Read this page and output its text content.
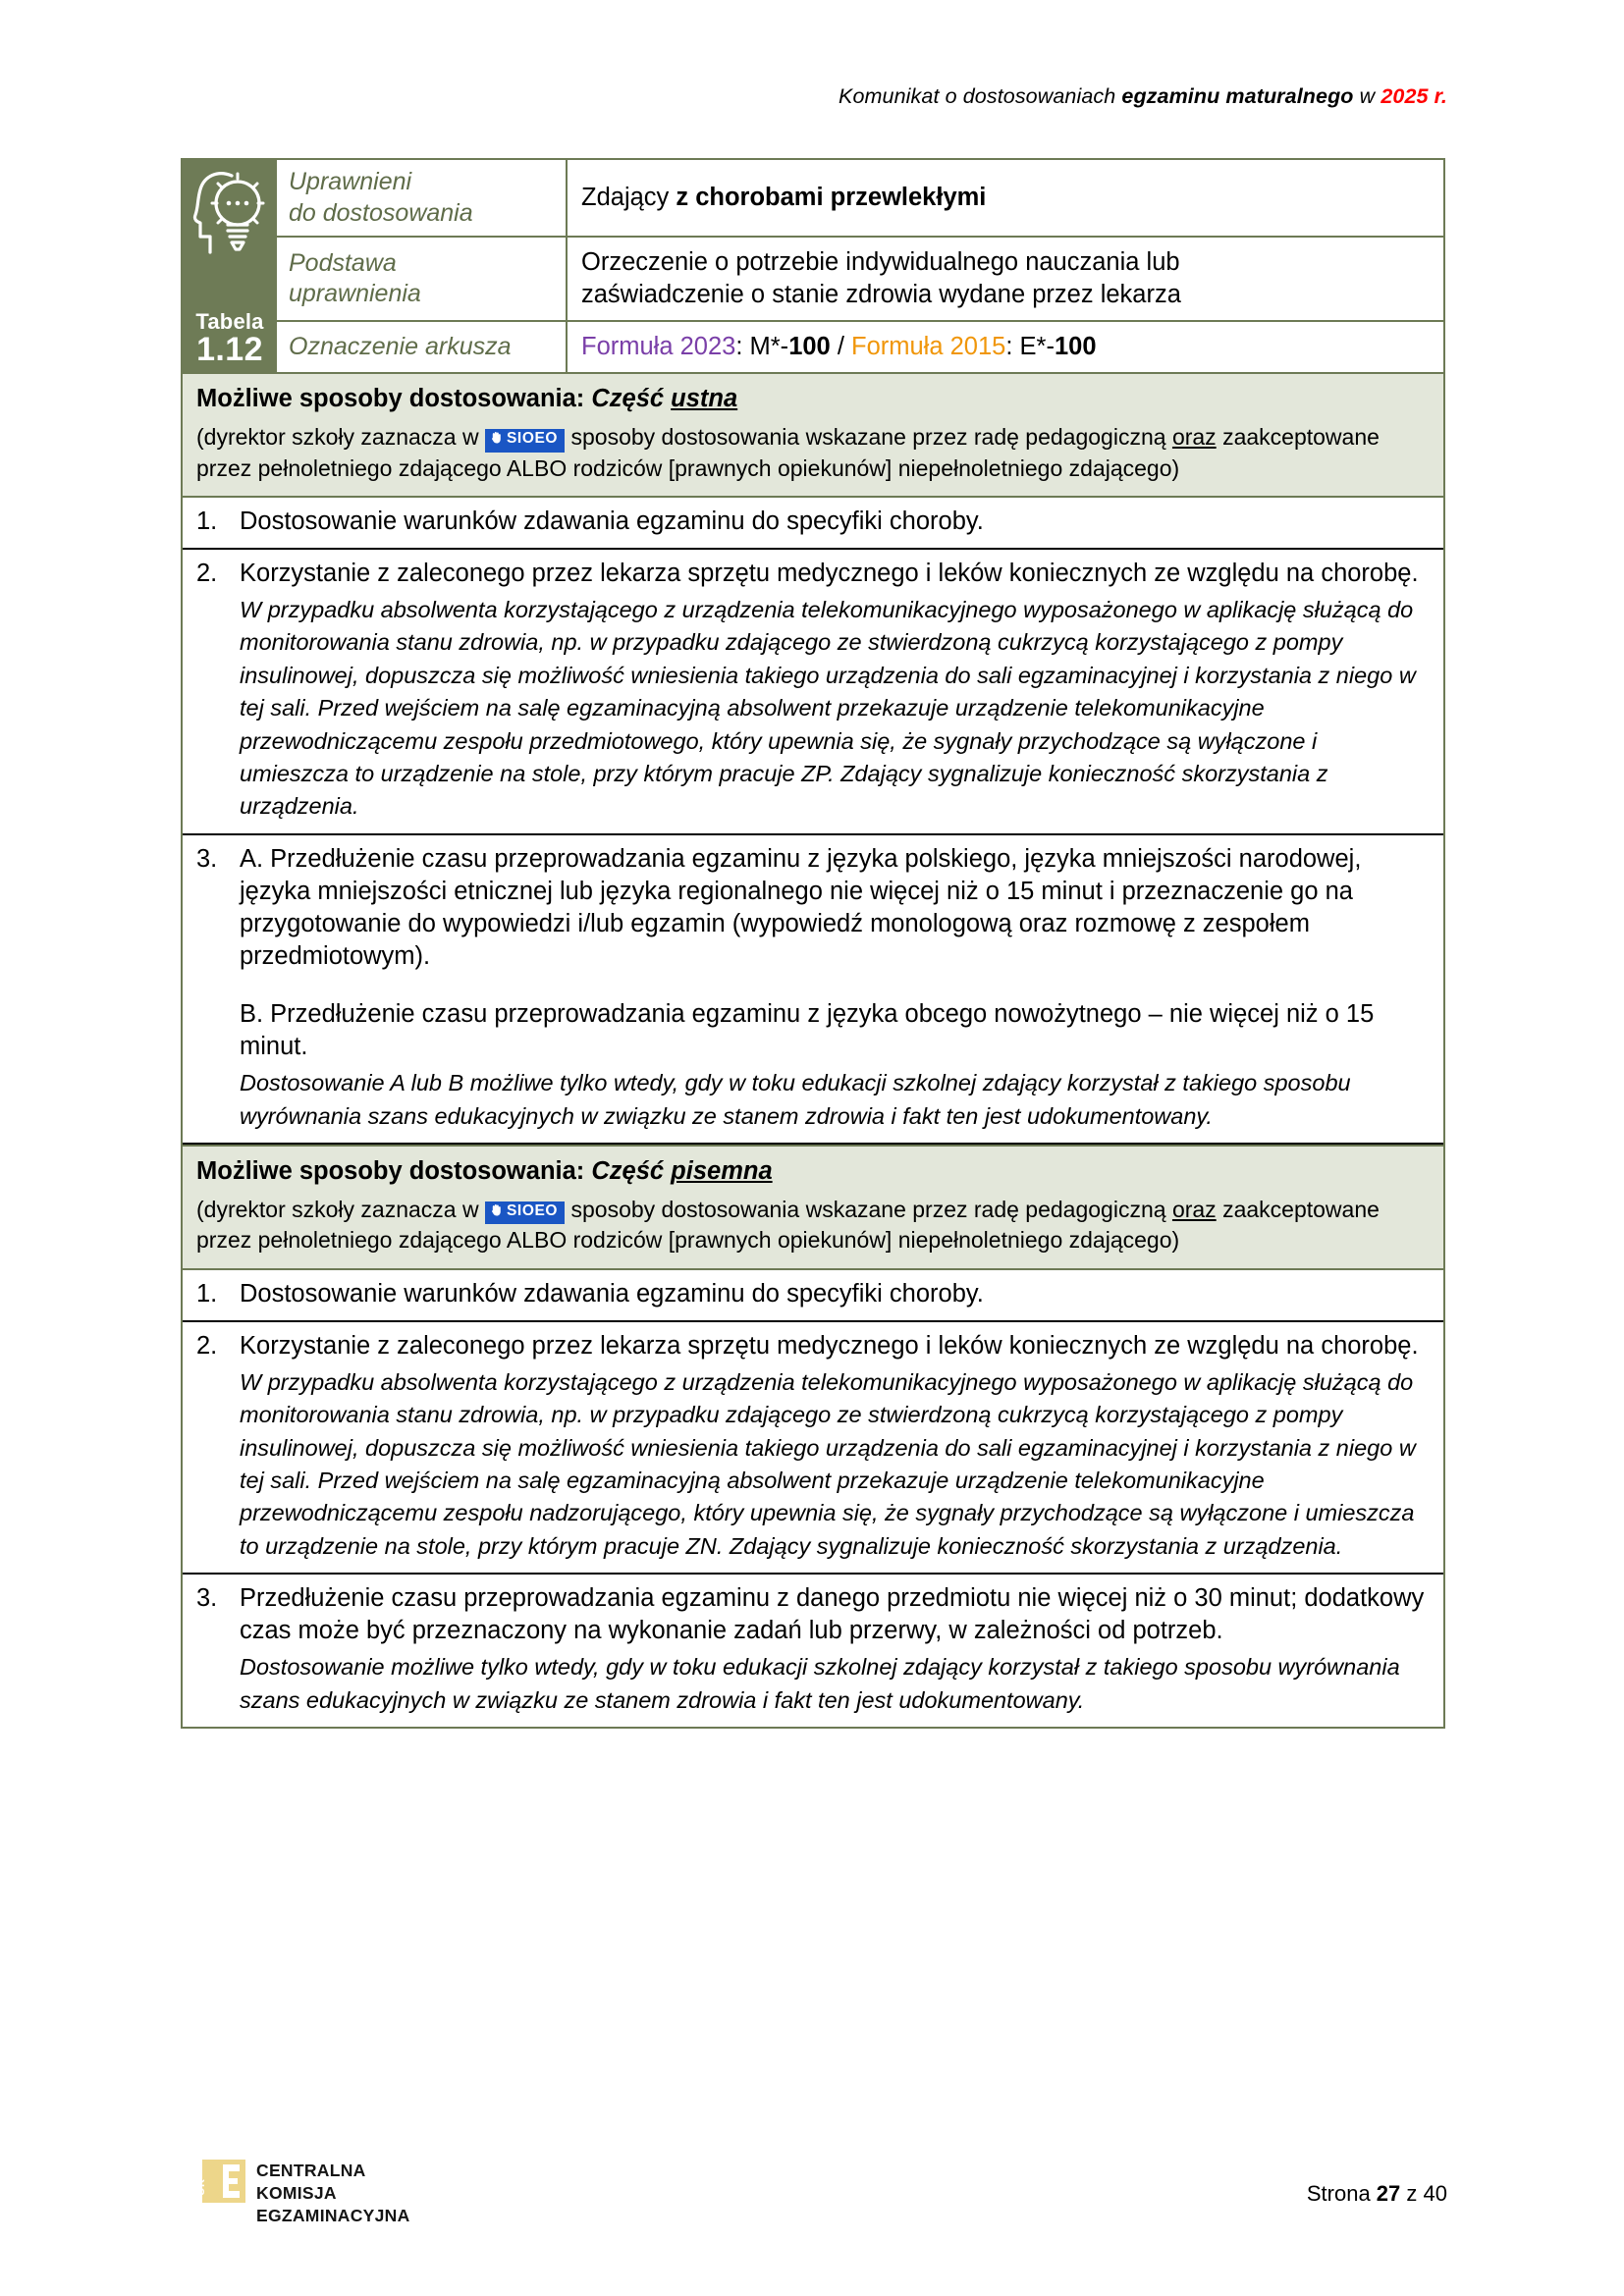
Komunikat o dostosowaniach egzaminu maturalnego w 2025 r.
Tabela
1.12
Uprawnieni
do dostosowania
Zdający z chorobami przewlekłymi
Podstawa
uprawnienia
Orzeczenie o potrzebie indywidualnego nauczania lub
zaświadczenie o stanie zdrowia wydane przez lekarza
Oznaczenie arkusza	Formuła 2023: M*-100 / Formuła 2015: E*-100
Możliwe sposoby dostosowania: Część ustna
(dyrektor szkoły zaznacza w SIOEO sposoby dostosowania wskazane przez radę pedagogiczną oraz zaakceptowane przez pełnoletniego zdającego ALBO rodziców [prawnych opiekunów] niepełnoletniego zdającego)
1. Dostosowanie warunków zdawania egzaminu do specyfiki choroby.

2. Korzystanie z zaleconego przez lekarza sprzętu medycznego i leków koniecznych ze względu na chorobę.

W przypadku absolwenta korzystającego z urządzenia telekomunikacyjnego wyposażonego w aplikację służącą do monitorowania stanu zdrowia, np. w przypadku zdającego ze stwierdzoną cukrzycą korzystającego z pompy insulinowej, dopuszcza się możliwość wniesienia takiego urządzenia do sali egzaminacyjnej i korzystania z niego w tej sali. Przed wejściem na salę egzaminacyjną absolwent przekazuje urządzenie telekomunikacyjne przewodniczącemu zespołu przedmiotowego, który upewnia się, że sygnały przychodzące są wyłączone i umieszcza to urządzenie na stole, przy którym pracuje ZP. Zdający sygnalizuje konieczność skorzystania z urządzenia.

3. A. Przedłużenie czasu przeprowadzania egzaminu z języka polskiego, języka mniejszości narodowej, języka mniejszości etnicznej lub języka regionalnego nie więcej niż o 15 minut i przeznaczenie go na przygotowanie do wypowiedzi i/lub egzamin (wypowiedź monologową oraz rozmowę z zespołem przedmiotowym).

B. Przedłużenie czasu przeprowadzania egzaminu z języka obcego nowożytnego – nie więcej niż o 15 minut.

Dostosowanie A lub B możliwe tylko wtedy, gdy w toku edukacji szkolnej zdający korzystał z takiego sposobu wyrównania szans edukacyjnych w związku ze stanem zdrowia i fakt ten jest udokumentowany.

Możliwe sposoby dostosowania: Część pisemna
(dyrektor szkoły zaznacza w SIOEO sposoby dostosowania wskazane przez radę pedagogiczną oraz zaakceptowane przez pełnoletniego zdającego ALBO rodziców [prawnych opiekunów] niepełnoletniego zdającego)
1. Dostosowanie warunków zdawania egzaminu do specyfiki choroby.

2. Korzystanie z zaleconego przez lekarza sprzętu medycznego i leków koniecznych ze względu na chorobę.

W przypadku absolwenta korzystającego z urządzenia telekomunikacyjnego wyposażonego w aplikację służącą do monitorowania stanu zdrowia, np. w przypadku zdającego ze stwierdzoną cukrzycą korzystającego z pompy insulinowej, dopuszcza się możliwość wniesienia takiego urządzenia do sali egzaminacyjnej i korzystania z niego w tej sali. Przed wejściem na salę egzaminacyjną absolwent przekazuje urządzenie telekomunikacyjne przewodniczącemu zespołu nadzorującego, który upewnia się, że sygnały przychodzące są wyłączone i umieszcza to urządzenie na stole, przy którym pracuje ZN. Zdający sygnalizuje konieczność skorzystania z urządzenia.

3. Przedłużenie czasu przeprowadzania egzaminu z danego przedmiotu nie więcej niż o 30 minut; dodatkowy czas może być przeznaczony na wykonanie zadań lub przerwy, w zależności od potrzeb.

Dostosowanie możliwe tylko wtedy, gdy w toku edukacji szkolnej zdający korzystał z takiego sposobu wyrównania szans edukacyjnych w związku ze stanem zdrowia i fakt ten jest udokumentowany.

C
K
CENTRALNA
KOMISJA
EGZAMINACYJNA
Strona 27 z 40
